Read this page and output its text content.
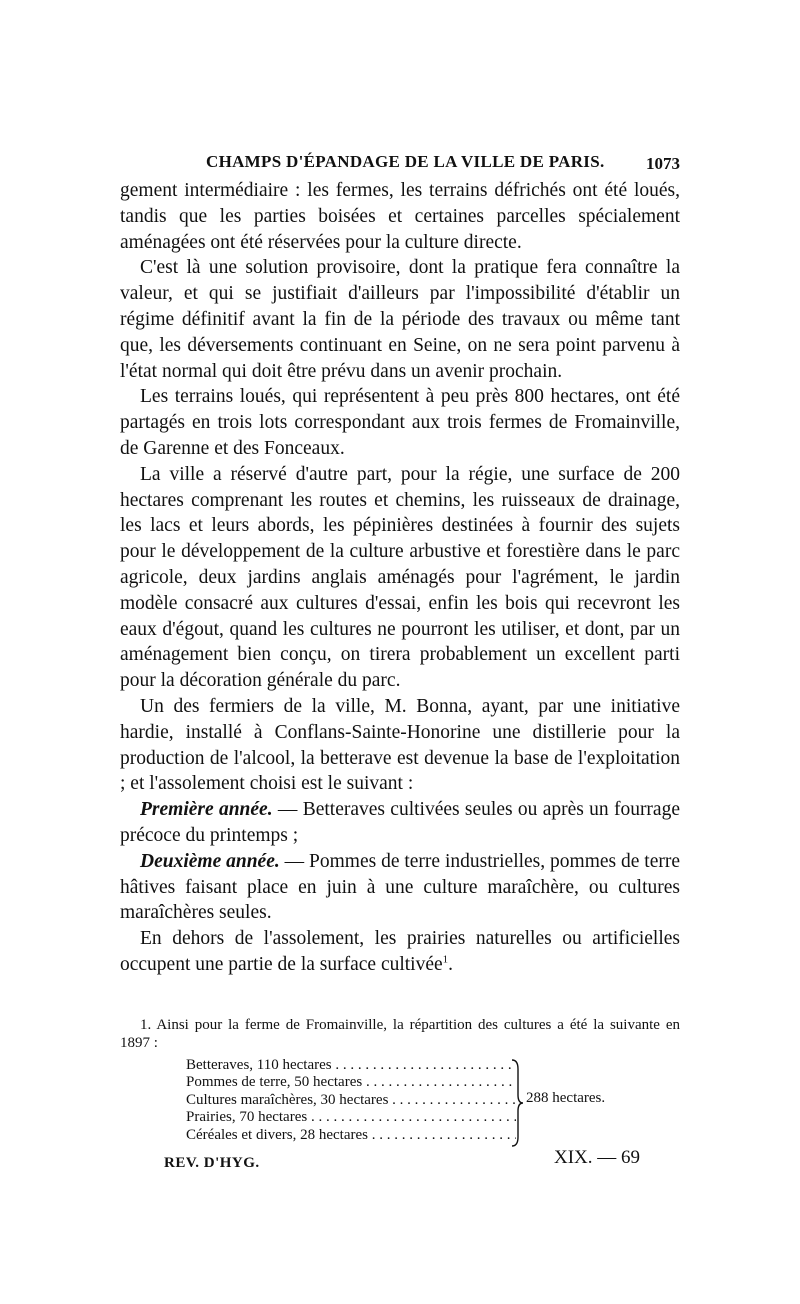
CHAMPS D'ÉPANDAGE DE LA VILLE DE PARIS. 1073

gement intermédiaire : les fermes, les terrains défrichés ont été loués, tandis que les parties boisées et certaines parcelles spécialement aménagées ont été réservées pour la culture directe.

C'est là une solution provisoire, dont la pratique fera connaître la valeur, et qui se justifiait d'ailleurs par l'impossibilité d'établir un régime définitif avant la fin de la période des travaux ou même tant que, les déversements continuant en Seine, on ne sera point parvenu à l'état normal qui doit être prévu dans un avenir prochain.

Les terrains loués, qui représentent à peu près 800 hectares, ont été partagés en trois lots correspondant aux trois fermes de Fromainville, de Garenne et des Fonceaux.

La ville a réservé d'autre part, pour la régie, une surface de 200 hectares comprenant les routes et chemins, les ruisseaux de drainage, les lacs et leurs abords, les pépinières destinées à fournir des sujets pour le développement de la culture arbustive et forestière dans le parc agricole, deux jardins anglais aménagés pour l'agrément, le jardin modèle consacré aux cultures d'essai, enfin les bois qui recevront les eaux d'égout, quand les cultures ne pourront les utiliser, et dont, par un aménagement bien conçu, on tirera probablement un excellent parti pour la décoration générale du parc.

Un des fermiers de la ville, M. Bonna, ayant, par une initiative hardie, installé à Conflans-Sainte-Honorine une distillerie pour la production de l'alcool, la betterave est devenue la base de l'exploitation ; et l'assolement choisi est le suivant :

Première année. — Betteraves cultivées seules ou après un fourrage précoce du printemps ;

Deuxième année. — Pommes de terre industrielles, pommes de terre hâtives faisant place en juin à une culture maraîchère, ou cultures maraîchères seules.

En dehors de l'assolement, les prairies naturelles ou artificielles occupent une partie de la surface cultivée$^1$.

1. Ainsi pour la ferme de Fromainville, la répartition des cultures a été la suivante en 1897 :

Betteraves, 110 hectares . . .
Pommes de terre, 50 hectares . . .
Cultures maraîchères, 30 hectares . . .
Prairies, 70 hectares . . .
Céréales et divers, 28 hectares . . .
288 hectares.
REV. D'HYG.	XIX. — 69
